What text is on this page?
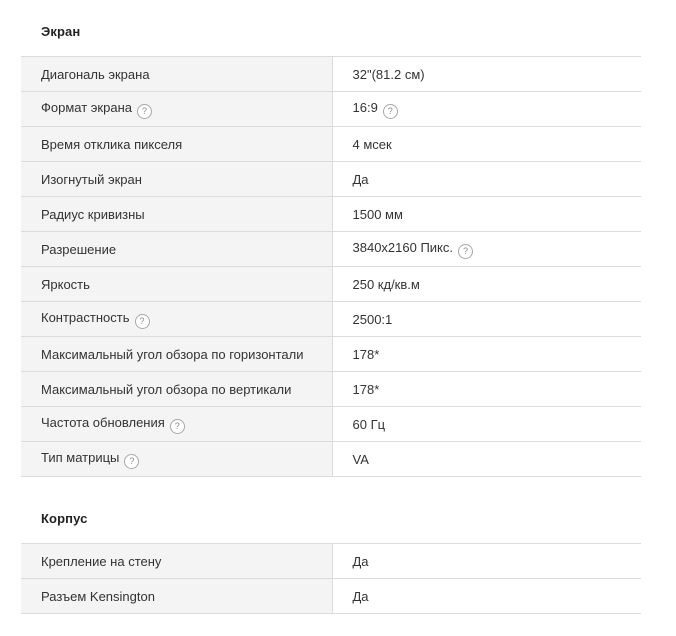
Экран
Диагональ экрана	32"(81.2 см)
Формат экрана ?	16:9 ?
Время отклика пикселя	4 мсек
Изогнутый экран	Да
Радиус кривизны	1500 мм
Разрешение	3840x2160 Пикс. ?
Яркость	250 кд/кв.м
Контрастность ?	2500:1
Максимальный угол обзора по горизонтали	178*
Максимальный угол обзора по вертикали	178*
Частота обновления ?	60 Гц
Тип матрицы ?	VA
Корпус
Крепление на стену	Да
Разъем Kensington	Да
